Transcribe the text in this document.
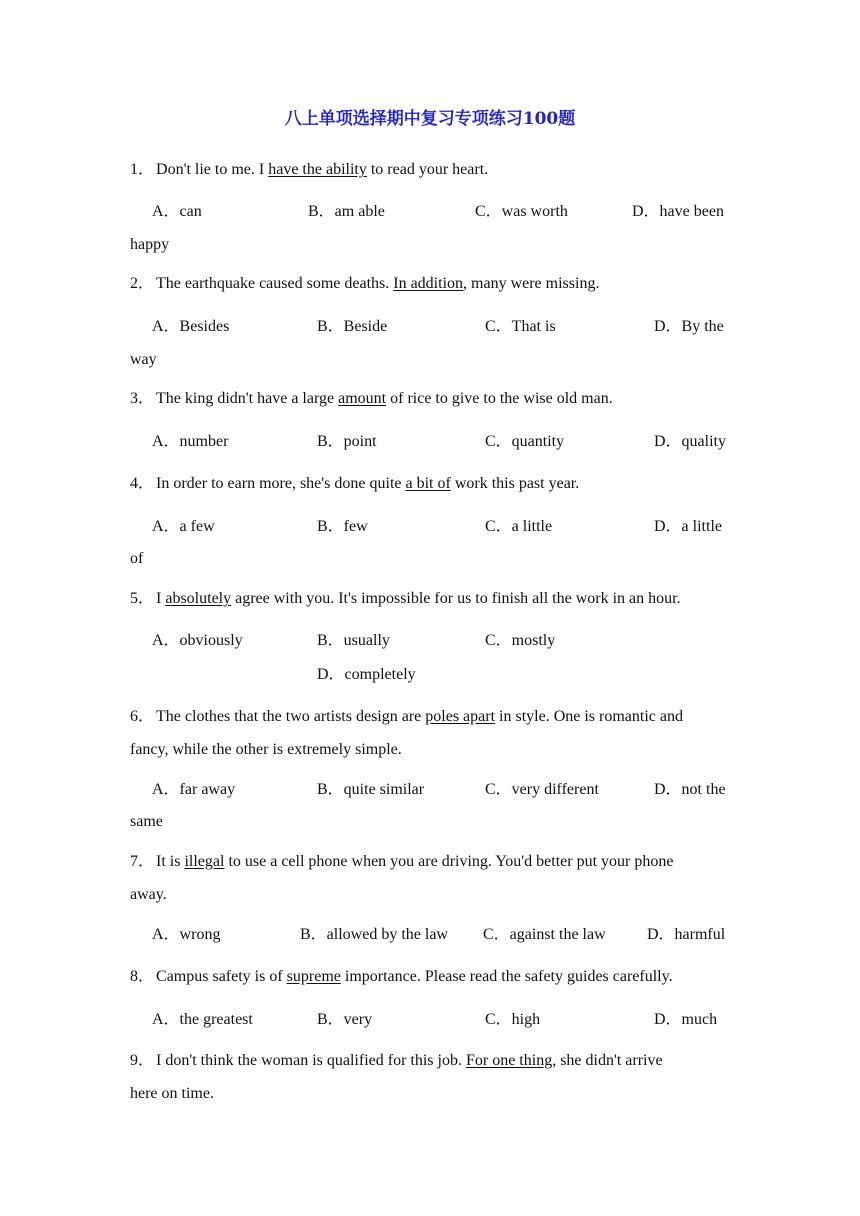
八上单项选择期中复习专项练习100题
1． Don't lie to me. I have the ability to read your heart.
A．can	B．am able	C．was worth	D．have been
happy
2． The earthquake caused some deaths. In addition, many were missing.
A．Besides	B．Beside	C．That is	D．By the
way
3． The king didn't have a large amount of rice to give to the wise old man.
A．number	B．point	C．quantity	D．quality
4． In order to earn more, she's done quite a bit of work this past year.
A．a few	B．few	C．a little	D．a little
of
5． I absolutely agree with you. It's impossible for us to finish all the work in an hour.
A．obviously	B．usually	C．mostly
D．completely
6． The clothes that the two artists design are poles apart in style. One is romantic and
fancy, while the other is extremely simple.
A．far away	B．quite similar	C．very different	D．not the
same
7． It is illegal to use a cell phone when you are driving. You'd better put your phone
away.
A．wrong	B．allowed by the law C．against the law	D．harmful
8． Campus safety is of supreme importance. Please read the safety guides carefully.
A．the greatest	B．very	C．high	D．much
9． I don't think the woman is qualified for this job. For one thing, she didn't arrive
here on time.
